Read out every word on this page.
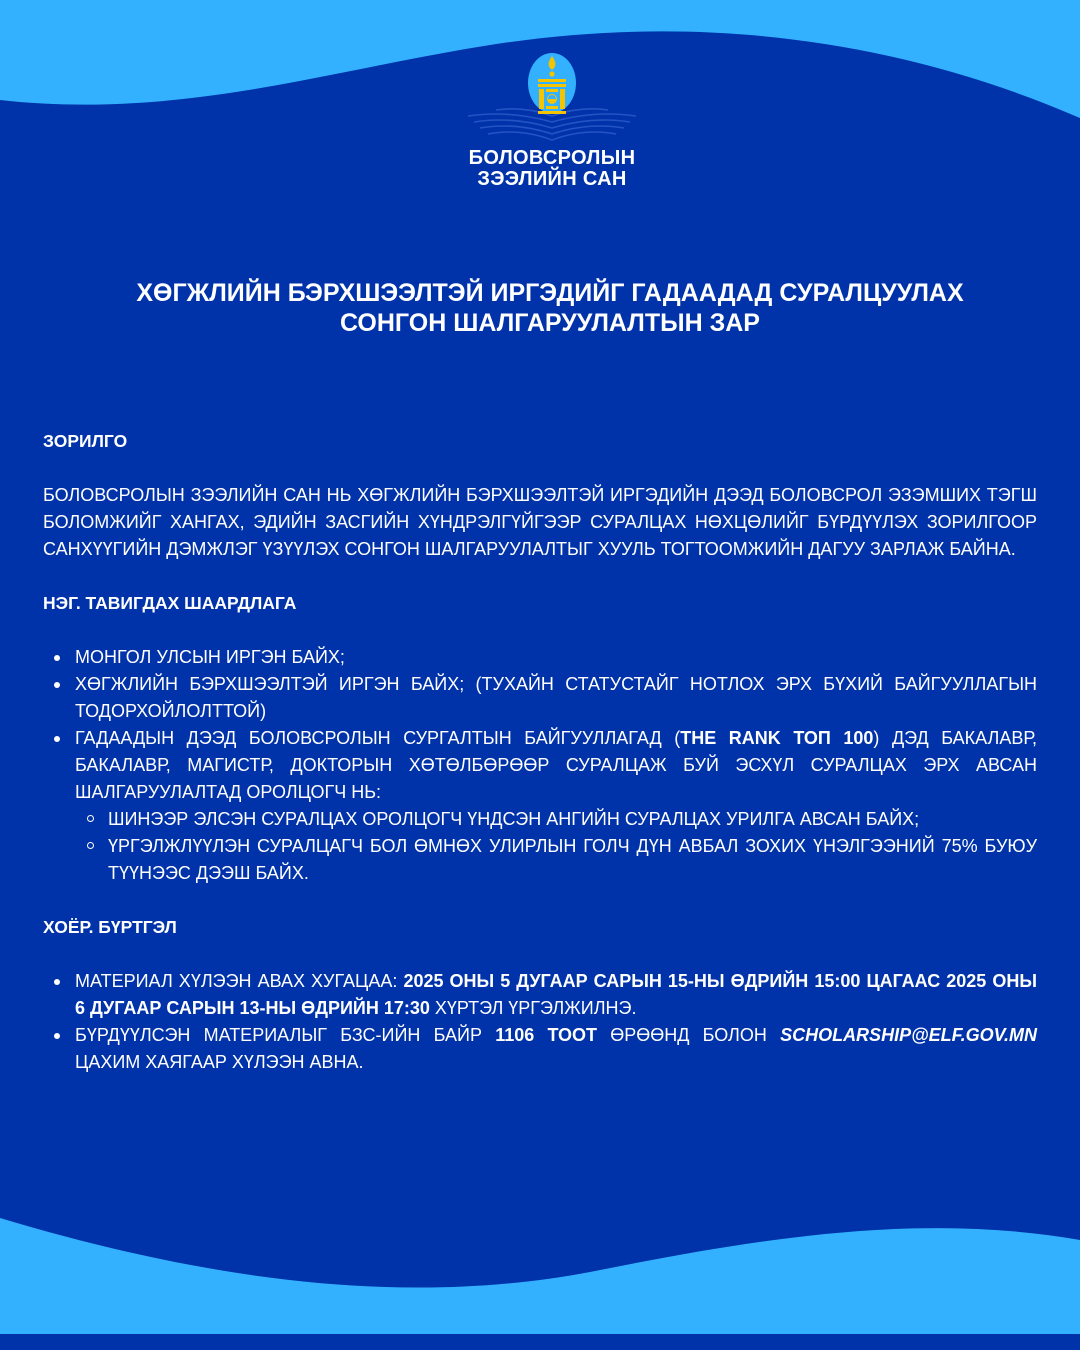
БОЛОВСРОЛЫН
ЗЭЭЛИЙН САН
ХӨГЖЛИЙН БЭРХШЭЭЛТЭЙ ИРГЭДИЙГ ГАДААДАД СУРАЛЦУУЛАХ
СОНГОН ШАЛГАРУУЛАЛТЫН ЗАР

ЗОРИЛГО

БОЛОВСРОЛЫН ЗЭЭЛИЙН САН НЬ ХӨГЖЛИЙН БЭРХШЭЭЛТЭЙ ИРГЭДИЙН ДЭЭД БОЛОВСРОЛ ЭЗЭМШИХ ТЭГШ БОЛОМЖИЙГ ХАНГАХ, ЭДИЙН ЗАСГИЙН ХҮНДРЭЛГҮЙГЭЭР СУРАЛЦАХ НӨХЦӨЛИЙГ БҮРДҮҮЛЭХ ЗОРИЛГООР САНХҮҮГИЙН ДЭМЖЛЭГ ҮЗҮҮЛЭХ СОНГОН ШАЛГАРУУЛАЛТЫГ ХУУЛЬ ТОГТООМЖИЙН ДАГУУ ЗАРЛАЖ БАЙНА.

НЭГ. ТАВИГДАХ ШААРДЛАГА

МОНГОЛ УЛСЫН ИРГЭН БАЙХ;
ХӨГЖЛИЙН БЭРХШЭЭЛТЭЙ ИРГЭН БАЙХ; (ТУХАЙН СТАТУСТАЙГ НОТЛОХ ЭРХ БҮХИЙ БАЙГУУЛЛАГЫН ТОДОРХОЙЛОЛТТОЙ)
ГАДААДЫН ДЭЭД БОЛОВСРОЛЫН СУРГАЛТЫН БАЙГУУЛЛАГАД (THE RANK ТОП 100) ДЭД БАКАЛАВР, БАКАЛАВР, МАГИСТР, ДОКТОРЫН ХӨТӨЛБӨРӨӨР СУРАЛЦАЖ БУЙ ЭСХҮЛ СУРАЛЦАХ ЭРХ АВСАН ШАЛГАРУУЛАЛТАД ОРОЛЦОГЧ НЬ:
ШИНЭЭР ЭЛСЭН СУРАЛЦАХ ОРОЛЦОГЧ ҮНДСЭН АНГИЙН СУРАЛЦАХ УРИЛГА АВСАН БАЙХ;
ҮРГЭЛЖЛҮҮЛЭН СУРАЛЦАГЧ БОЛ ӨМНӨХ УЛИРЛЫН ГОЛЧ ДҮН АВБАЛ ЗОХИХ ҮНЭЛГЭЭНИЙ 75% БУЮУ ТҮҮНЭЭС ДЭЭШ БАЙХ.

ХОЁР. БҮРТГЭЛ

МАТЕРИАЛ ХҮЛЭЭН АВАХ ХУГАЦАА: 2025 ОНЫ 5 ДУГААР САРЫН 15-НЫ ӨДРИЙН 15:00 ЦАГААС 2025 ОНЫ 6 ДУГААР САРЫН 13-НЫ ӨДРИЙН 17:30 ХҮРТЭЛ ҮРГЭЛЖИЛНЭ.
БҮРДҮҮЛСЭН МАТЕРИАЛЫГ БЗС-ИЙН БАЙР 1106 ТООТ ӨРӨӨНД БОЛОН SCHOLARSHIP@ELF.GOV.MN ЦАХИМ ХАЯГААР ХҮЛЭЭН АВНА.
